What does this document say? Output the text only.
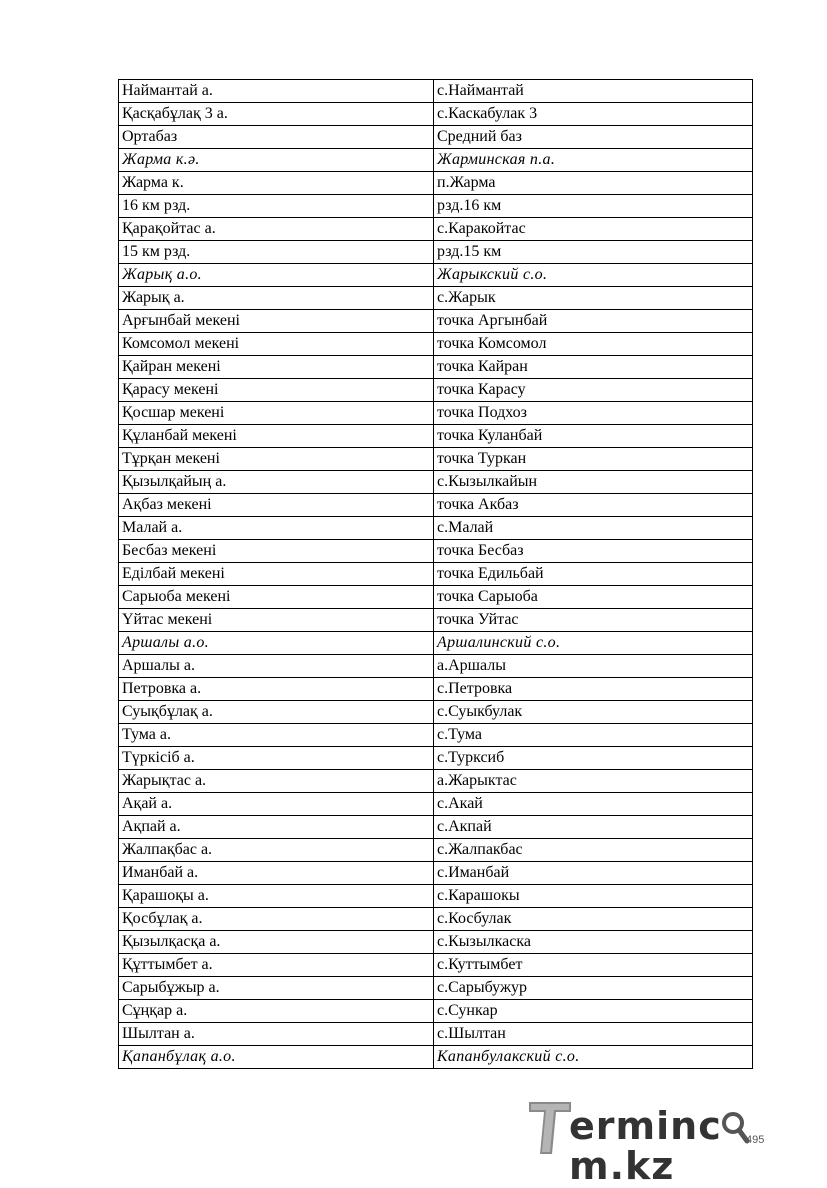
Наймантай а.	с.Наймантай
Қасқабұлақ 3 а.	с.Каскабулак 3
Ортабаз	Средний баз
Жарма к.ә.	Жарминская п.а.
Жарма к.	п.Жарма
16 км рзд.	рзд.16 км
Қарақойтас а.	с.Каракойтас
15 км рзд.	рзд.15 км
Жарық а.о.	Жарыкский с.о.
Жарық а.	с.Жарык
Арғынбай мекені	точка Аргынбай
Комсомол мекені	точка Комсомол
Қайран мекені	точка Кайран
Қарасу мекені	точка Карасу
Қосшар мекені	точка Подхоз
Құланбай мекені	точка Куланбай
Тұрқан мекені	точка Туркан
Қызылқайың а.	с.Кызылкайын
Ақбаз мекені	точка Акбаз
Малай а.	с.Малай
Бесбаз мекені	точка Бесбаз
Еділбай мекені	точка Едильбай
Сарыоба мекені	точка Сарыоба
Үйтас мекені	точка Уйтас
Аршалы а.о.	Аршалинский с.о.
Аршалы а.	а.Аршалы
Петровка а.	с.Петровка
Суықбұлақ а.	с.Суыкбулак
Тума а.	с.Тума
Түркісіб а.	с.Турксиб
Жарықтас а.	а.Жарыктас
Ақай а.	с.Акай
Ақпай а.	с.Акпай
Жалпақбас а.	с.Жалпакбас
Иманбай а.	с.Иманбай
Қарашоқы а.	с.Карашокы
Қосбұлақ а.	с.Косбулак
Қызылқасқа а.	с.Кызылкаска
Құттымбет а.	с.Куттымбет
Сарыбұжыр а.	с.Сарыбужур
Сұңқар а.	с.Сункар
Шылтан а.	с.Шылтан
Қапанбұлақ а.о.	Капанбулакский с.о.
erminc
m.kz
495
